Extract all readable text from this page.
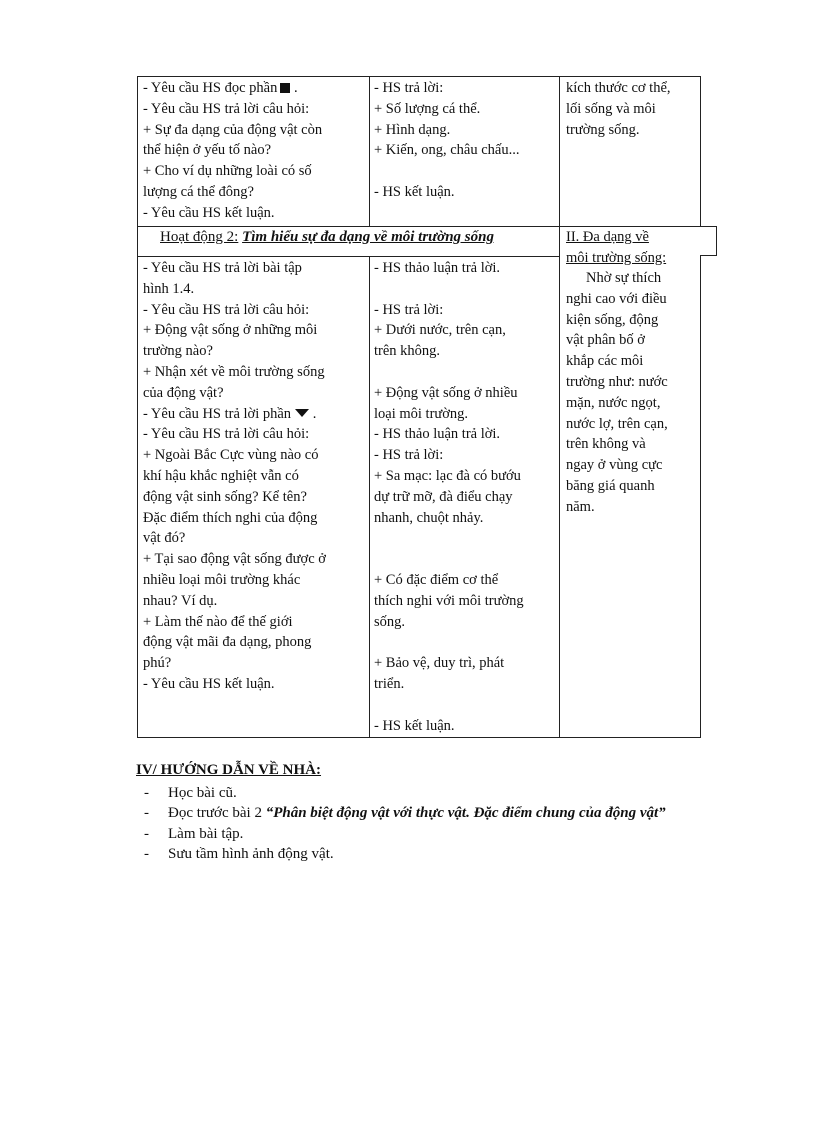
- Yêu cầu HS đọc phần .

- Yêu cầu HS trả lời câu hỏi:

+ Sự đa dạng của động vật còn

thể hiện ở yếu tố nào?

+ Cho ví dụ những loài có số

lượng cá thể đông?

- Yêu cầu HS kết luận.

- HS trả lời:

+ Số lượng cá thể.

+ Hình dạng.

+ Kiến, ong, châu chấu...

- HS kết luận.

kích thước cơ thể,

lối sống và môi

trường sống.

Hoạt động 2: Tìm hiểu sự đa dạng về môi trường sống	II. Đa dạng về

môi trường sống:

- Yêu cầu HS trả lời bài tập

hình 1.4.

- Yêu cầu HS trả lời câu hỏi:

+ Động vật sống ở những môi

trường nào?

+ Nhận xét về môi trường sống

của động vật?

- Yêu cầu HS trả lời phần .

- Yêu cầu HS trả lời câu hỏi:

+ Ngoài Bắc Cực vùng nào có

khí hậu khắc nghiệt vẫn có

động vật sinh sống? Kể tên?

Đặc điểm thích nghi của động

vật đó?

+ Tại sao động vật sống được ở

nhiều loại môi trường khác

nhau? Ví dụ.

+ Làm thế nào để thế giới

động vật mãi đa dạng, phong

phú?

- Yêu cầu HS kết luận.

- HS thảo luận trả lời.

- HS trả lời:

+ Dưới nước, trên cạn,

trên không.

+ Động vật sống ở nhiều

loại môi trường.

- HS thảo luận trả lời.

- HS trả lời:

+ Sa mạc: lạc đà có bướu

dự trữ mỡ, đà điểu chạy

nhanh, chuột nhảy.

+ Có đặc điểm cơ thể

thích nghi với môi trường

sống.

+ Bảo vệ, duy trì, phát

triển.

- HS kết luận.

Nhờ sự thích

nghi cao với điều

kiện sống, động

vật phân bố ở

khắp các môi

trường như: nước

mặn, nước ngọt,

nước lợ, trên cạn,

trên không và

ngay ở vùng cực

băng giá quanh

năm.

IV/ HƯỚNG DẪN VỀ NHÀ:
- Học bài cũ.
- Đọc trước bài 2 “Phân biệt động vật với thực vật. Đặc điểm chung của động vật”
- Làm bài tập.
- Sưu tầm hình ảnh động vật.
